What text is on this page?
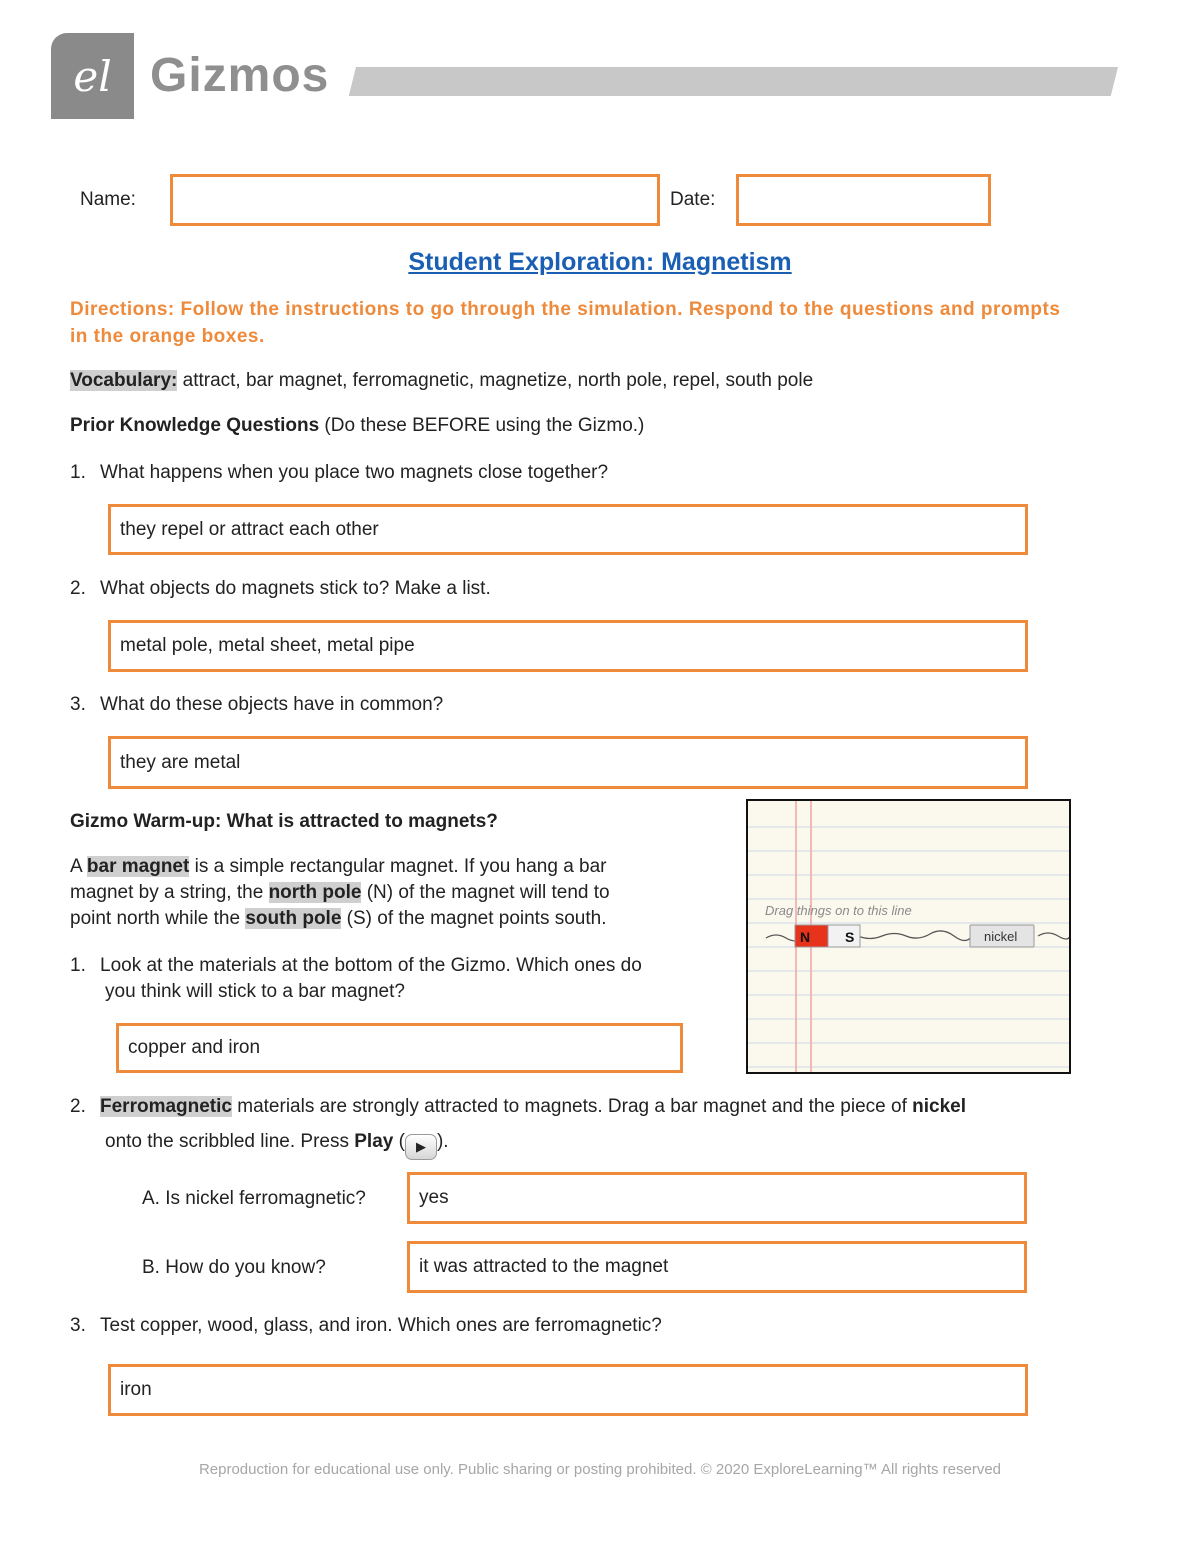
el Gizmos
Name:	Date:
Student Exploration: Magnetism
Directions: Follow the instructions to go through the simulation. Respond to the questions and prompts in the orange boxes.
Vocabulary: attract, bar magnet, ferromagnetic, magnetize, north pole, repel, south pole
Prior Knowledge Questions (Do these BEFORE using the Gizmo.)
1. What happens when you place two magnets close together?
they repel or attract each other
2. What objects do magnets stick to? Make a list.
metal pole, metal sheet, metal pipe
3. What do these objects have in common?
they are metal
Gizmo Warm-up: What is attracted to magnets?
A bar magnet is a simple rectangular magnet. If you hang a bar
magnet by a string, the north pole (N) of the magnet will tend to
point north while the south pole (S) of the magnet points south.
1. Look at the materials at the bottom of the Gizmo. Which ones do
you think will stick to a bar magnet?
copper and iron
Drag things on to this line
N S	nickel
2. Ferromagnetic materials are strongly attracted to magnets. Drag a bar magnet and the piece of nickel
onto the scribbled line. Press Play ( ▶ ).
A. Is nickel ferromagnetic?	yes
B. How do you know?	it was attracted to the magnet
3. Test copper, wood, glass, and iron. Which ones are ferromagnetic?
iron
Reproduction for educational use only. Public sharing or posting prohibited. © 2020 ExploreLearning™ All rights reserved
